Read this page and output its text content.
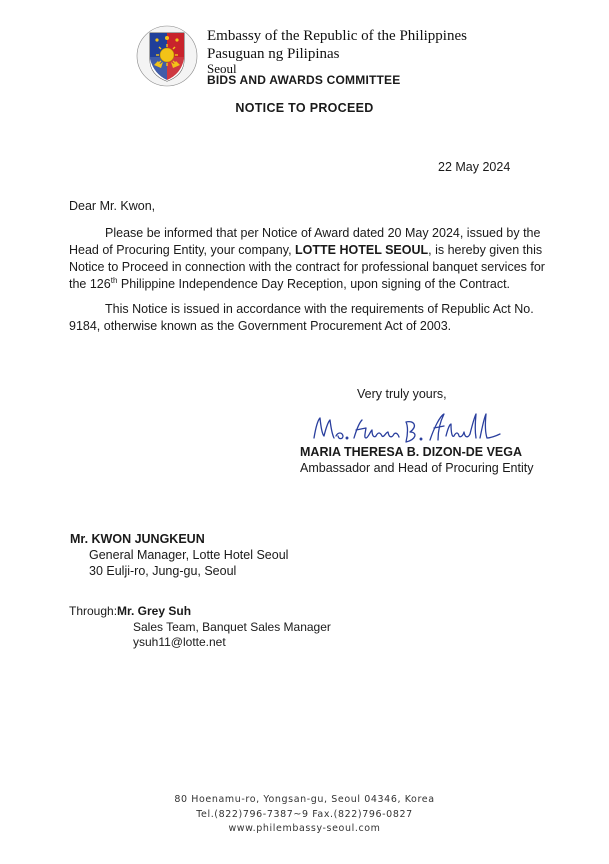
Embassy of the Republic of the Philippines
Pasuguan ng Pilipinas
Seoul
BIDS AND AWARDS COMMITTEE
NOTICE TO PROCEED
22 May 2024
Dear Mr. Kwon,
Please be informed that per Notice of Award dated 20 May 2024, issued by the Head of Procuring Entity, your company, LOTTE HOTEL SEOUL, is hereby given this Notice to Proceed in connection with the contract for professional banquet services for the 126th Philippine Independence Day Reception, upon signing of the Contract.
This Notice is issued in accordance with the requirements of Republic Act No. 9184, otherwise known as the Government Procurement Act of 2003.
Very truly yours,
MARIA THERESA B. DIZON-DE VEGA
Ambassador and Head of Procuring Entity
Mr. KWON JUNGKEUN
General Manager, Lotte Hotel Seoul
30 Eulji-ro, Jung-gu, Seoul
Through: Mr. Grey Suh
Sales Team, Banquet Sales Manager
ysuh11@lotte.net
80 Hoenamu-ro, Yongsan-gu, Seoul 04346, Korea
Tel.(822)796-7387~9 Fax.(822)796-0827
www.philembassy-seoul.com
